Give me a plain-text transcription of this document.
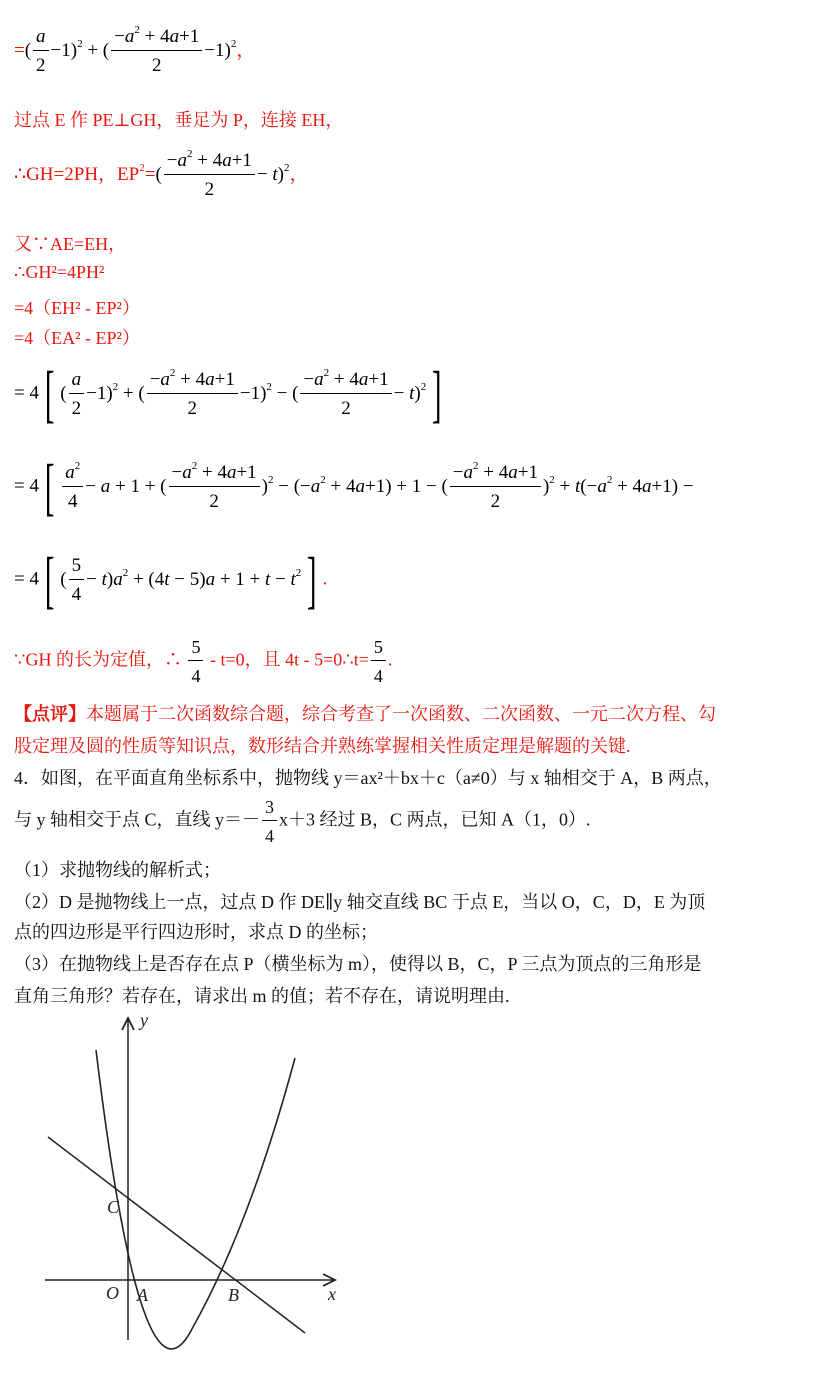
=( $\frac{a}{2} -1)^2$ + ( $\frac{-a^2 + 4a+1}{2} -1)^2$，
过点 E 作 PE⊥GH，垂足为 P，连接 EH，
∴GH=2PH，$EP^2=( \frac{-a^2 + 4a+1}{2} - t)^2$，
又∵AE=EH，
∴GH²=4PH²
=4（EH² - EP²）
=4（EA² - EP²）
= 4[ ( $\frac{a}{2} -1)^2$ + ( $\frac{-a^2 + 4a+1}{2} -1)^2$ − ( $\frac{-a^2 + 4a+1}{2} - t)^2$]
= $4[ \frac{a^2}{4} - a + 1$ + ( $\frac{-a^2 + 4a+1}{2} )^2 - (-a^2 + 4a+1) + 1$ − ( $\frac{-a^2 + 4a+1}{2} )^2 + t(-a^2 + 4a+1)$ −
= 4[ ( $\frac{5}{4} - t)a^2 + (4t - 5)a + 1 + t - t^2$] .
∵GH 的长为定值，∴ $\frac{5}{4} - t=0$，且 4t - 5=0∴t= $\frac{5}{4}$ .
【点评】本题属于二次函数综合题，综合考查了一次函数、二次函数、一元二次方程、勾
股定理及圆的性质等知识点，数形结合并熟练掌握相关性质定理是解题的关键.
4．如图，在平面直角坐标系中，抛物线 y＝ax²＋bx＋c（a≠0）与 x 轴相交于 A，B 两点，
与 y 轴相交于点 C，直线 $y=- \frac{3}{4} x+3$ 经过 B，C 两点，已知 A（1，0）.
（1）求抛物线的解析式；
（2）D 是抛物线上一点，过点 D 作 DE∥y 轴交直线 BC 于点 E，当以 O，C，D，E 为顶
点的四边形是平行四边形时，求点 D 的坐标；
（3）在抛物线上是否存在点 P（横坐标为 m），使得以 B，C，P 三点为顶点的三角形是
直角三角形？若存在，请求出 m 的值；若不存在，请说明理由.
y
x
O A	B
C
